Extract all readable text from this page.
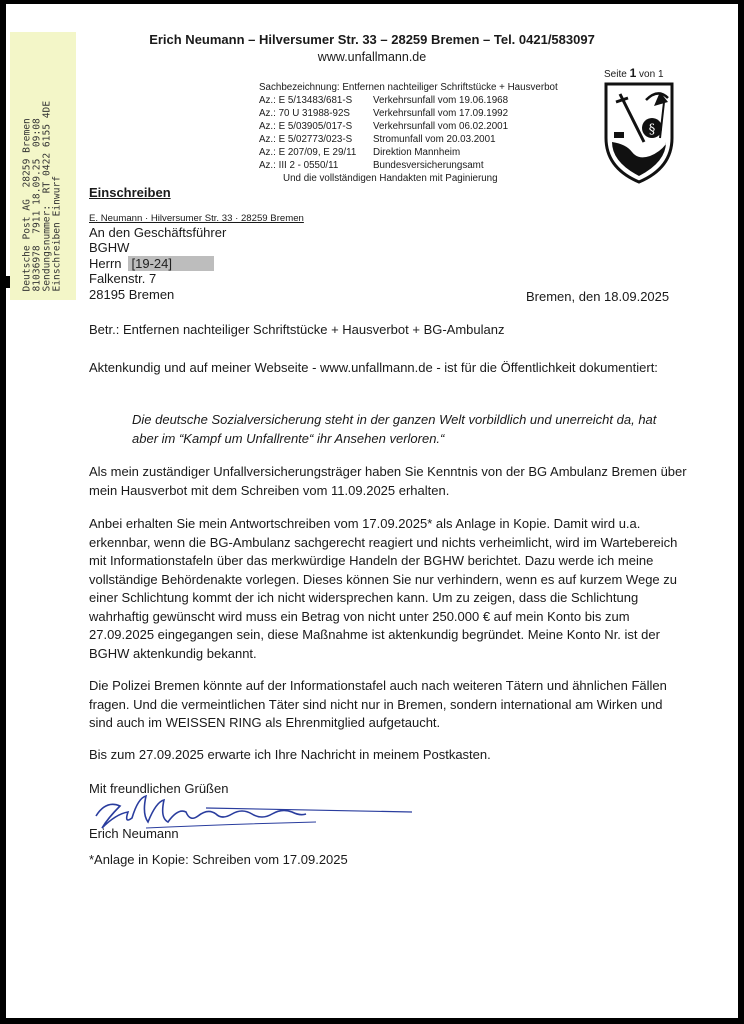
Deutsche Post AG  28259 Bremen
81036978  7911 18.09.25  09:08
Sendungsnummer:  RT 0422 6155 4DE
Einschreiben Einwurf
Erich Neumann – Hilversumer Str. 33 – 28259 Bremen – Tel. 0421/583097
www.unfallmann.de
Seite 1 von 1
§
Sachbezeichnung: Entfernen nachteiliger Schriftstücke + Hausverbot
Az.: E 5/13483/681-S Verkehrsunfall vom 19.06.1968
Az.: 70 U 31988-92S Verkehrsunfall vom 17.09.1992
Az.: E 5/03905/017-S Verkehrsunfall vom 06.02.2001
Az.: E 5/02773/023-S Stromunfall vom 20.03.2001
Az.: E 207/09, E 29/11 Direktion Mannheim
Az.: III 2 - 0550/11	Bundesversicherungsamt
Und die vollständigen Handakten mit Paginierung
Einschreiben
E. Neumann · Hilversumer Str. 33 · 28259 Bremen
An den Geschäftsführer
BGHW
Herrn [19-24]
Falkenstr. 7
28195 Bremen	Bremen, den 18.09.2025
Betr.: Entfernen nachteiliger Schriftstücke + Hausverbot + BG-Ambulanz
Aktenkundig und auf meiner Webseite - www.unfallmann.de - ist für die Öffentlichkeit dokumentiert:
Die deutsche Sozialversicherung steht in der ganzen Welt vorbildlich und unerreicht da, hat aber im “Kampf um Unfallrente“ ihr Ansehen verloren.“
Als mein zuständiger Unfallversicherungsträger haben Sie Kenntnis von der BG Ambulanz Bremen über mein Hausverbot mit dem Schreiben vom 11.09.2025 erhalten.
Anbei erhalten Sie mein Antwortschreiben vom 17.09.2025* als Anlage in Kopie. Damit wird u.a. erkennbar, wenn die BG-Ambulanz sachgerecht reagiert und nichts verheimlicht, wird im Wartebereich mit Informationstafeln über das merkwürdige Handeln der BGHW berichtet. Dazu werde ich meine vollständige Behördenakte vorlegen. Dieses können Sie nur verhindern, wenn es auf kurzem Wege zu einer Schlichtung kommt der ich nicht widersprechen kann. Um zu zeigen, dass die Schlichtung wahrhaftig gewünscht wird muss ein Betrag von nicht unter 250.000 € auf mein Konto bis zum 27.09.2025 eingegangen sein, diese Maßnahme ist aktenkundig begründet. Meine Konto Nr. ist der BGHW aktenkundig bekannt.
Die Polizei Bremen könnte auf der Informationstafel auch nach weiteren Tätern und ähnlichen Fällen fragen. Und die vermeintlichen Täter sind nicht nur in Bremen, sondern international am Wirken und sind auch im WEISSEN RING als Ehrenmitglied aufgetaucht.
Bis zum 27.09.2025 erwarte ich Ihre Nachricht in meinem Postkasten.
Mit freundlichen Grüßen
Erich Neumann
*Anlage in Kopie: Schreiben vom 17.09.2025
